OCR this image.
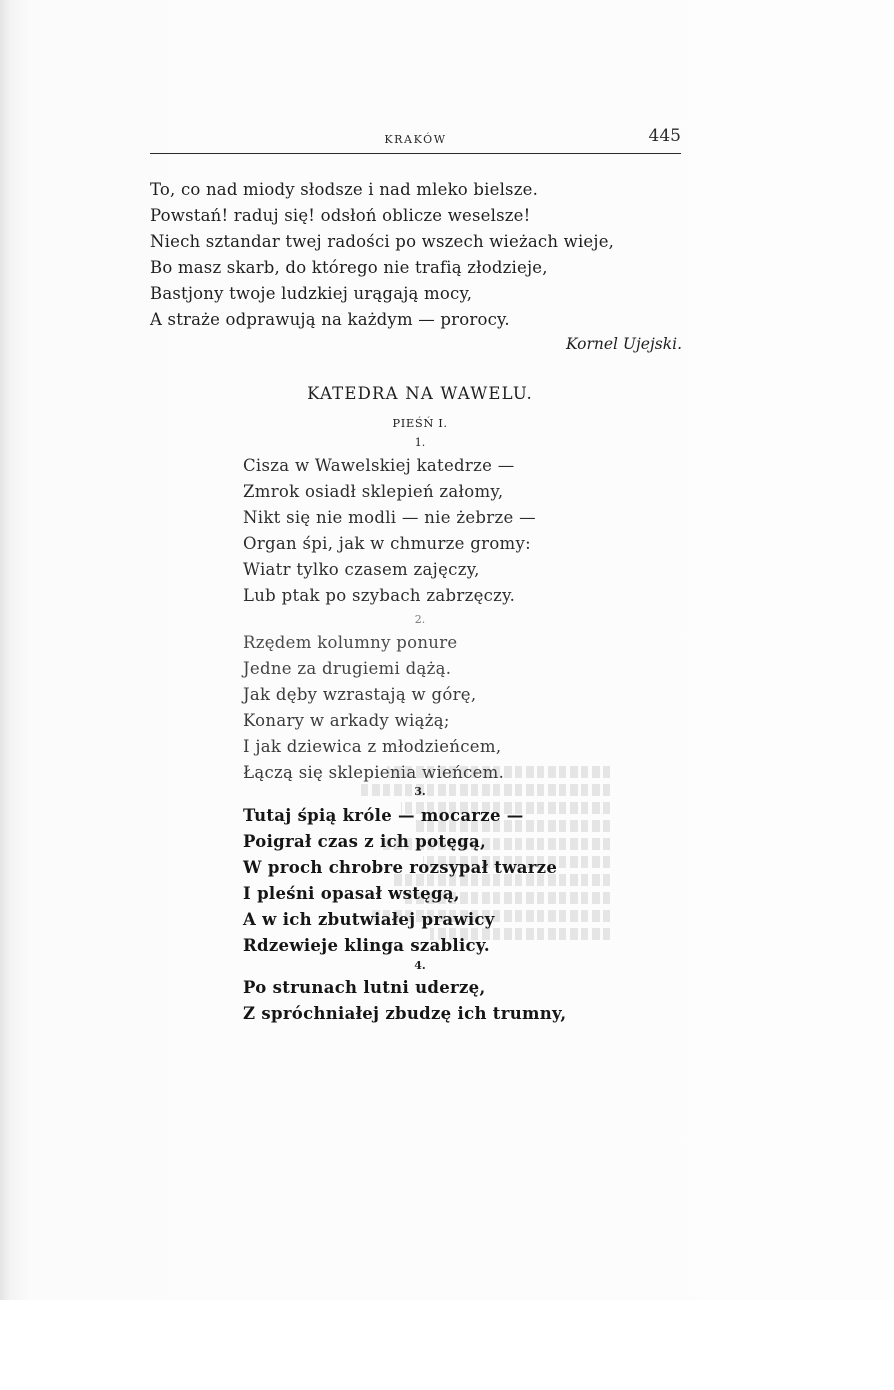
KRAKÓW	445
To, co nad miody słodsze i nad mleko bielsze.
Powstań! raduj się! odsłoń oblicze weselsze!
Niech sztandar twej radości po wszech wieżach wieje,
Bo masz skarb, do którego nie trafią złodzieje,
Bastjony twoje ludzkiej urągają mocy,
A straże odprawują na każdym — prorocy.
Kornel Ujejski.
KATEDRA NA WAWELU.
PIEŚŃ I.
1.
Cisza w Wawelskiej katedrze —
Zmrok osiadł sklepień załomy,
Nikt się nie modli — nie żebrze —
Organ śpi, jak w chmurze gromy:
Wiatr tylko czasem zajęczy,
Lub ptak po szybach zabrzęczy.
2.
Rzędem kolumny ponure
Jedne za drugiemi dążą.
Jak dęby wzrastają w górę,
Konary w arkady wiążą;
I jak dziewica z młodzieńcem,
Łączą się sklepienia wieńcem.
3.
Tutaj śpią króle — mocarze —
Poigrał czas z ich potęgą,
W proch chrobre rozsypał twarze
I pleśni opasał wstęgą,
A w ich zbutwiałej prawicy
Rdzewieje klinga szablicy.
4.
Po strunach lutni uderzę,
Z spróchniałej zbudzę ich trumny,
